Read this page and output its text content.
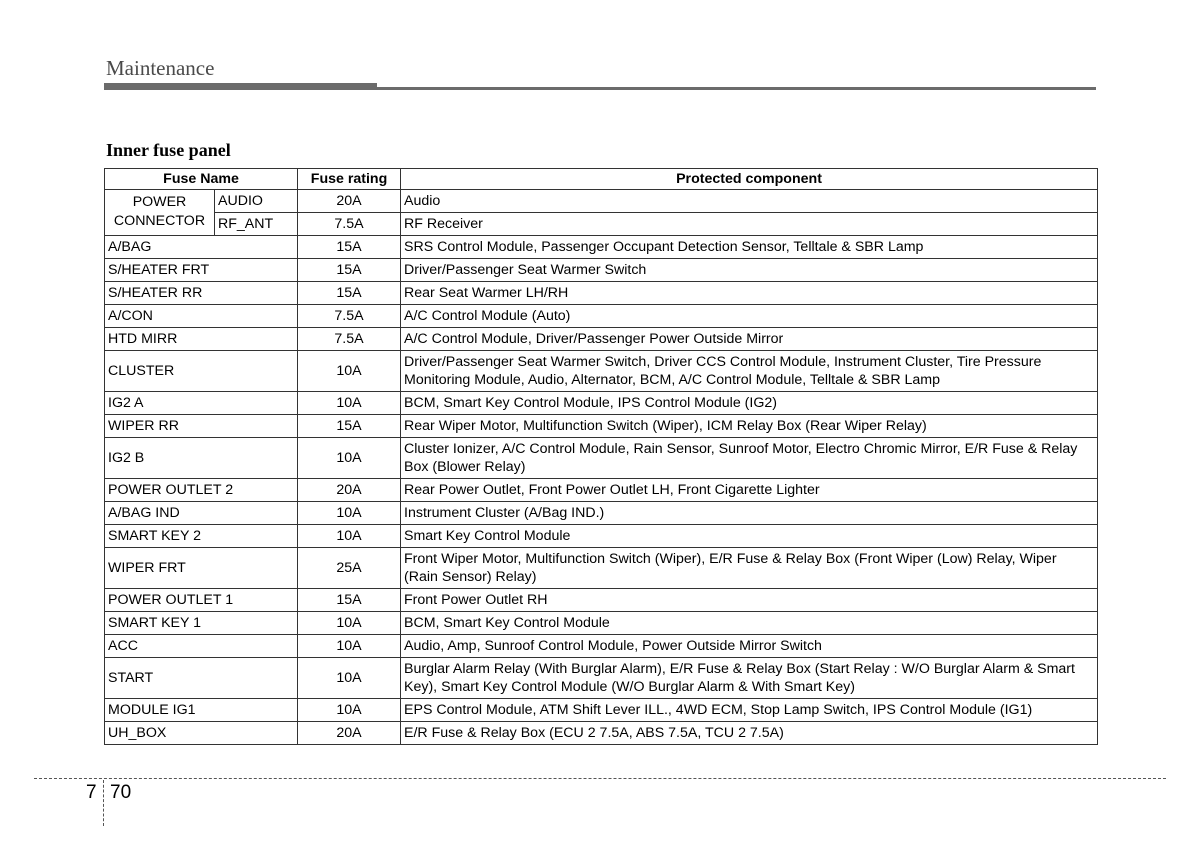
Maintenance
Inner fuse panel
Fuse Name		Fuse rating	Protected component
POWER CONNECTOR	AUDIO	20A	Audio
	RF_ANT	7.5A	RF Receiver
A/BAG		15A	SRS Control Module, Passenger Occupant Detection Sensor, Telltale & SBR Lamp
S/HEATER FRT		15A	Driver/Passenger Seat Warmer Switch
S/HEATER RR		15A	Rear Seat Warmer LH/RH
A/CON		7.5A	A/C Control Module (Auto)
HTD MIRR		7.5A	A/C Control Module, Driver/Passenger Power Outside Mirror
CLUSTER		10A	Driver/Passenger Seat Warmer Switch, Driver CCS Control Module, Instrument Cluster, Tire Pressure Monitoring Module, Audio, Alternator, BCM, A/C Control Module, Telltale & SBR Lamp
IG2 A		10A	BCM, Smart Key Control Module, IPS Control Module (IG2)
WIPER RR		15A	Rear Wiper Motor, Multifunction Switch (Wiper), ICM Relay Box (Rear Wiper Relay)
IG2 B		10A	Cluster Ionizer, A/C Control Module, Rain Sensor, Sunroof Motor, Electro Chromic Mirror, E/R Fuse & Relay Box (Blower Relay)
POWER OUTLET 2		20A	Rear Power Outlet, Front Power Outlet LH, Front Cigarette Lighter
A/BAG IND		10A	Instrument Cluster (A/Bag IND.)
SMART KEY 2		10A	Smart Key Control Module
WIPER FRT		25A	Front Wiper Motor, Multifunction Switch (Wiper), E/R Fuse & Relay Box (Front Wiper (Low) Relay, Wiper (Rain Sensor) Relay)
POWER OUTLET 1		15A	Front Power Outlet RH
SMART KEY 1		10A	BCM, Smart Key Control Module
ACC		10A	Audio, Amp, Sunroof Control Module, Power Outside Mirror Switch
START		10A	Burglar Alarm Relay (With Burglar Alarm), E/R Fuse & Relay Box (Start Relay : W/O Burglar Alarm & Smart Key), Smart Key Control Module (W/O Burglar Alarm & With Smart Key)
MODULE IG1		10A	EPS Control Module, ATM Shift Lever ILL., 4WD ECM, Stop Lamp Switch, IPS Control Module (IG1)
UH_BOX		20A	E/R Fuse & Relay Box (ECU 2 7.5A, ABS 7.5A, TCU 2 7.5A)
7 70
